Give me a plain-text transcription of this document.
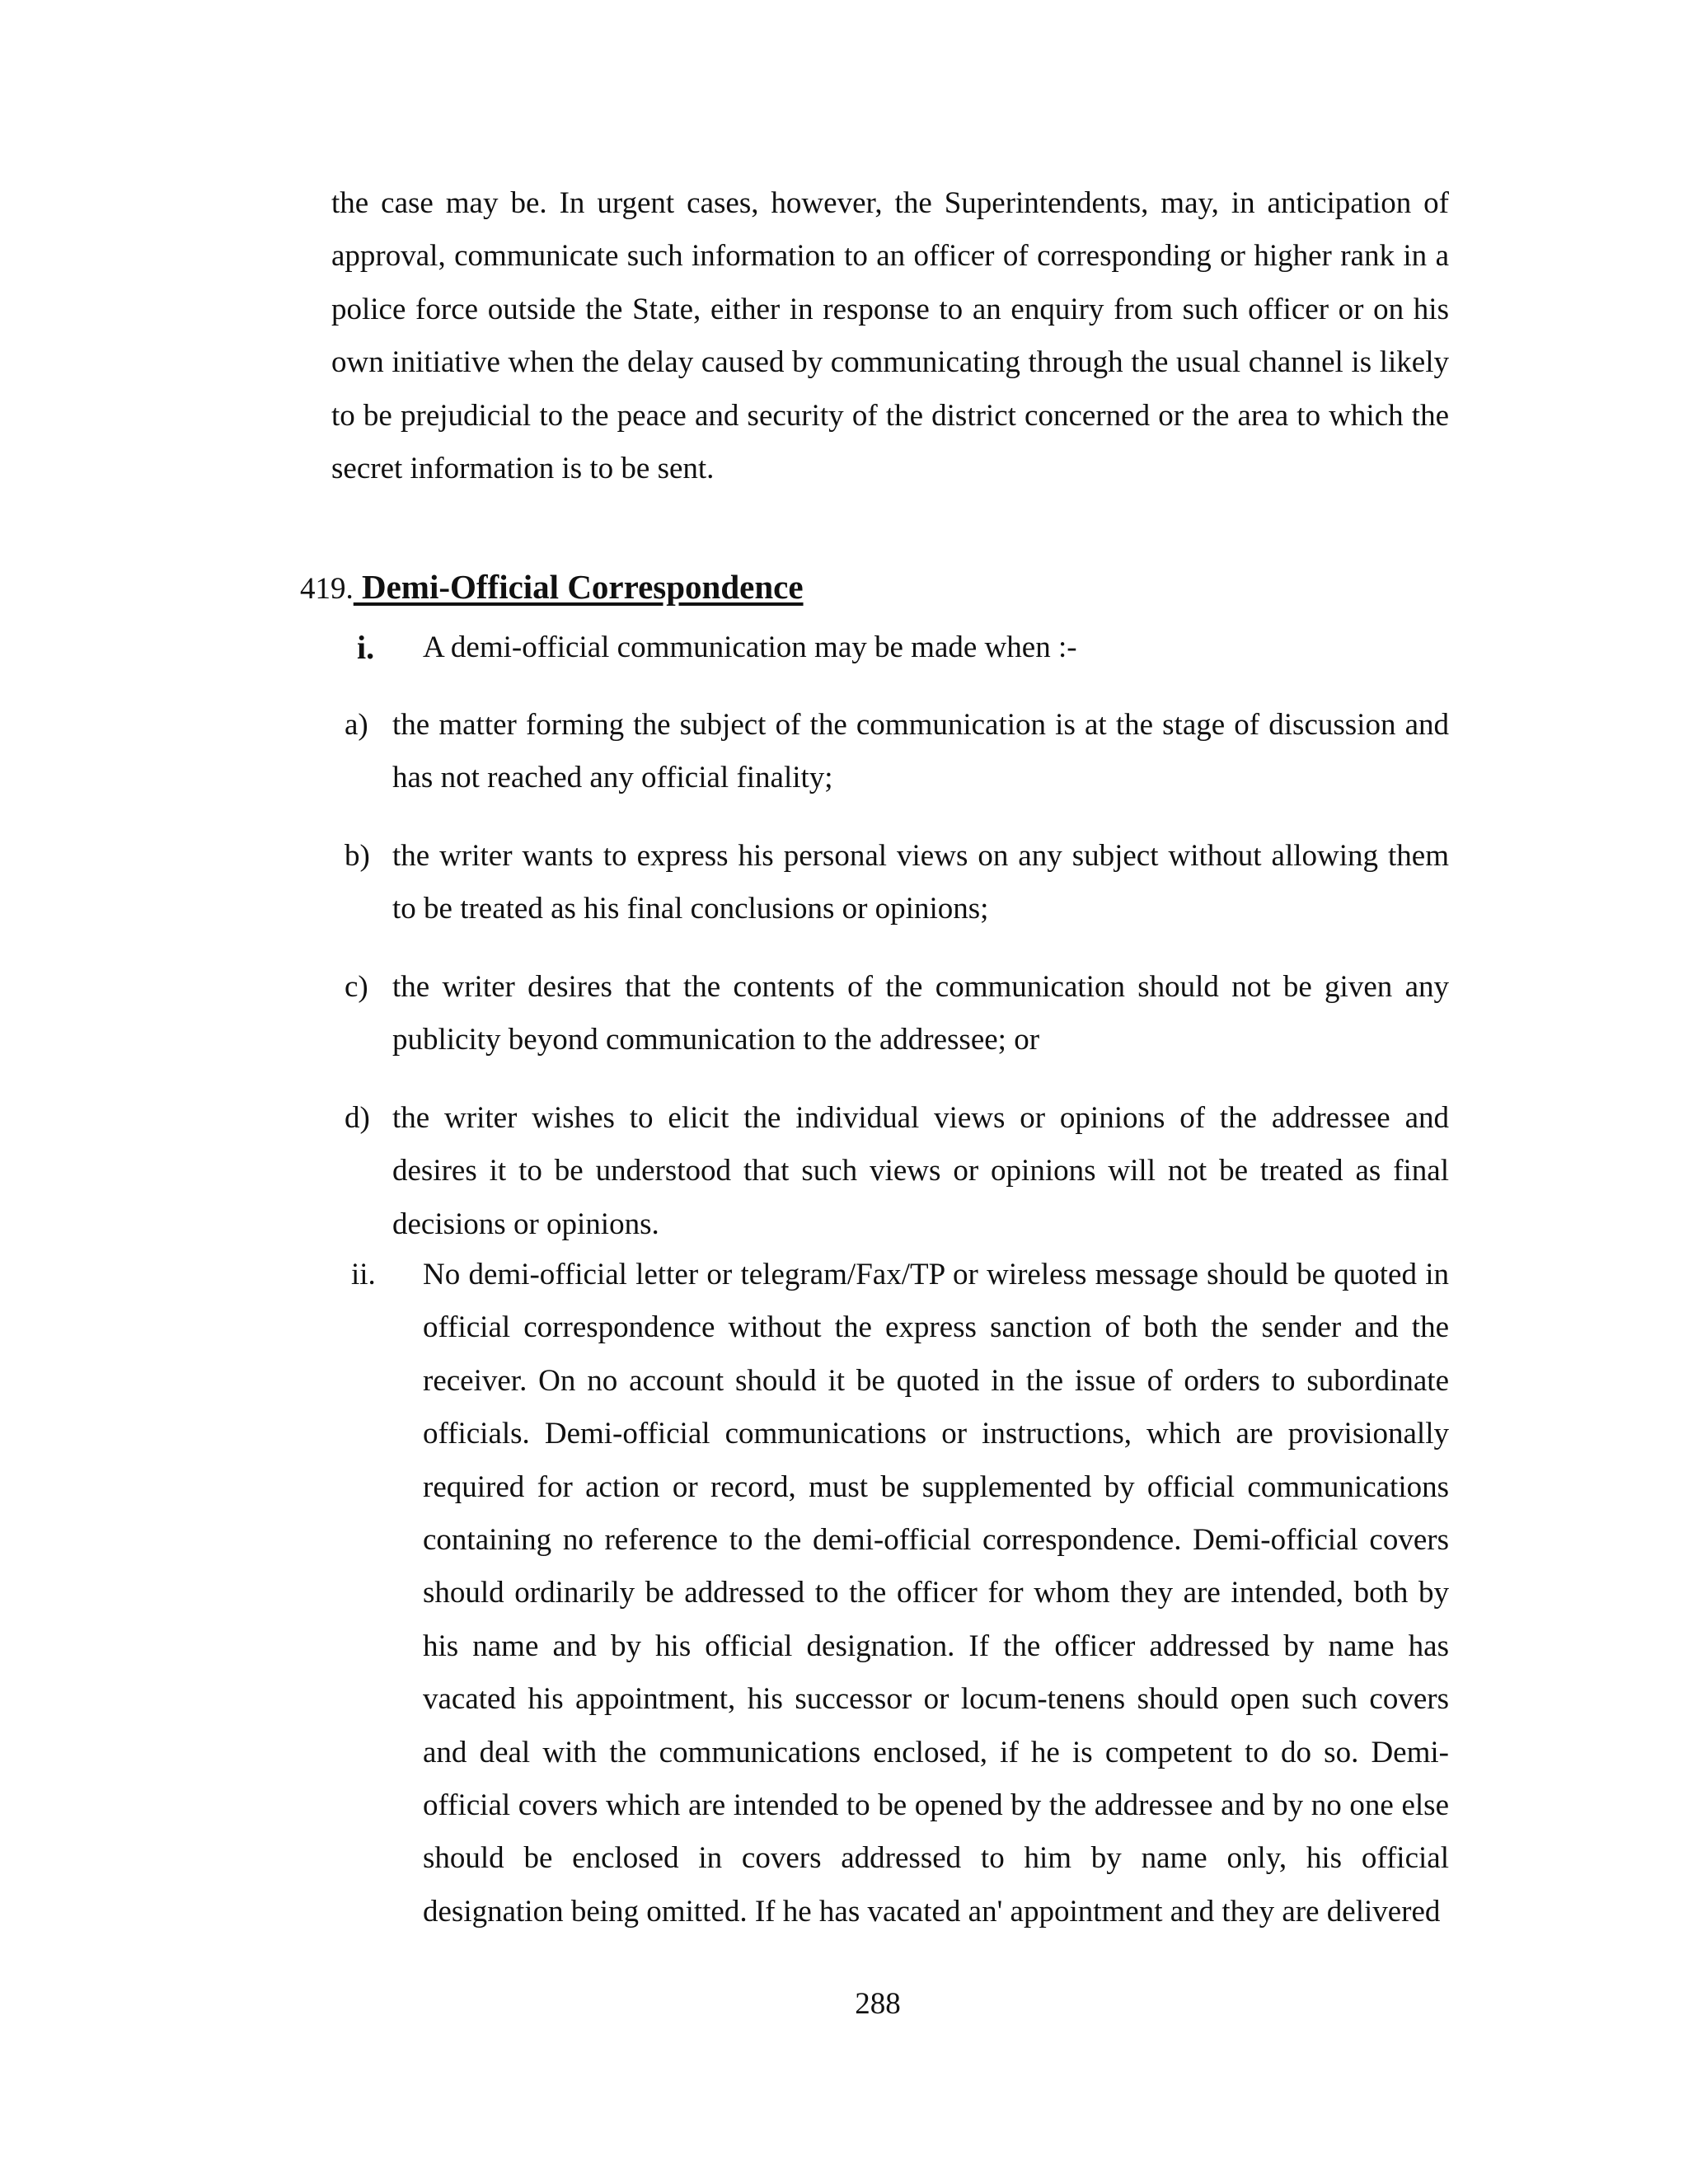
the case may be. In urgent cases, however, the Superintendents, may, in anticipation of approval, communicate such information to an officer of corresponding or higher rank in a police force outside the State, either in response to an enquiry from such officer or on his own initiative when the delay caused by communicating through the usual channel is likely to be prejudicial to the peace and security of the district concerned or the area to which the secret information is to be sent.

419. Demi-Official Correspondence
i. A demi-official communication may be made when :-
a) the matter forming the subject of the communication is at the stage of discussion and has not reached any official finality;

b) the writer wants to express his personal views on any subject without allowing them to be treated as his final conclusions or opinions;

c) the writer desires that the contents of the communication should not be given any publicity beyond communication to the addressee; or

d) the writer wishes to elicit the individual views or opinions of the addressee and desires it to be understood that such views or opinions will not be treated as final decisions or opinions.

ii. No demi-official letter or telegram/Fax/TP or wireless message should be quoted in official correspondence without the express sanction of both the sender and the receiver. On no account should it be quoted in the issue of orders to subordinate officials. Demi-official communications or instructions, which are provisionally required for action or record, must be supplemented by official communications containing no reference to the demi-official correspondence. Demi-official covers should ordinarily be addressed to the officer for whom they are intended, both by his name and by his official designation. If the officer addressed by name has vacated his appointment, his successor or locum-tenens should open such covers and deal with the communications enclosed, if he is competent to do so. Demi-official covers which are intended to be opened by the addressee and by no one else should be enclosed in covers addressed to him by name only, his official designation being omitted. If he has vacated an' appointment and they are delivered

288
